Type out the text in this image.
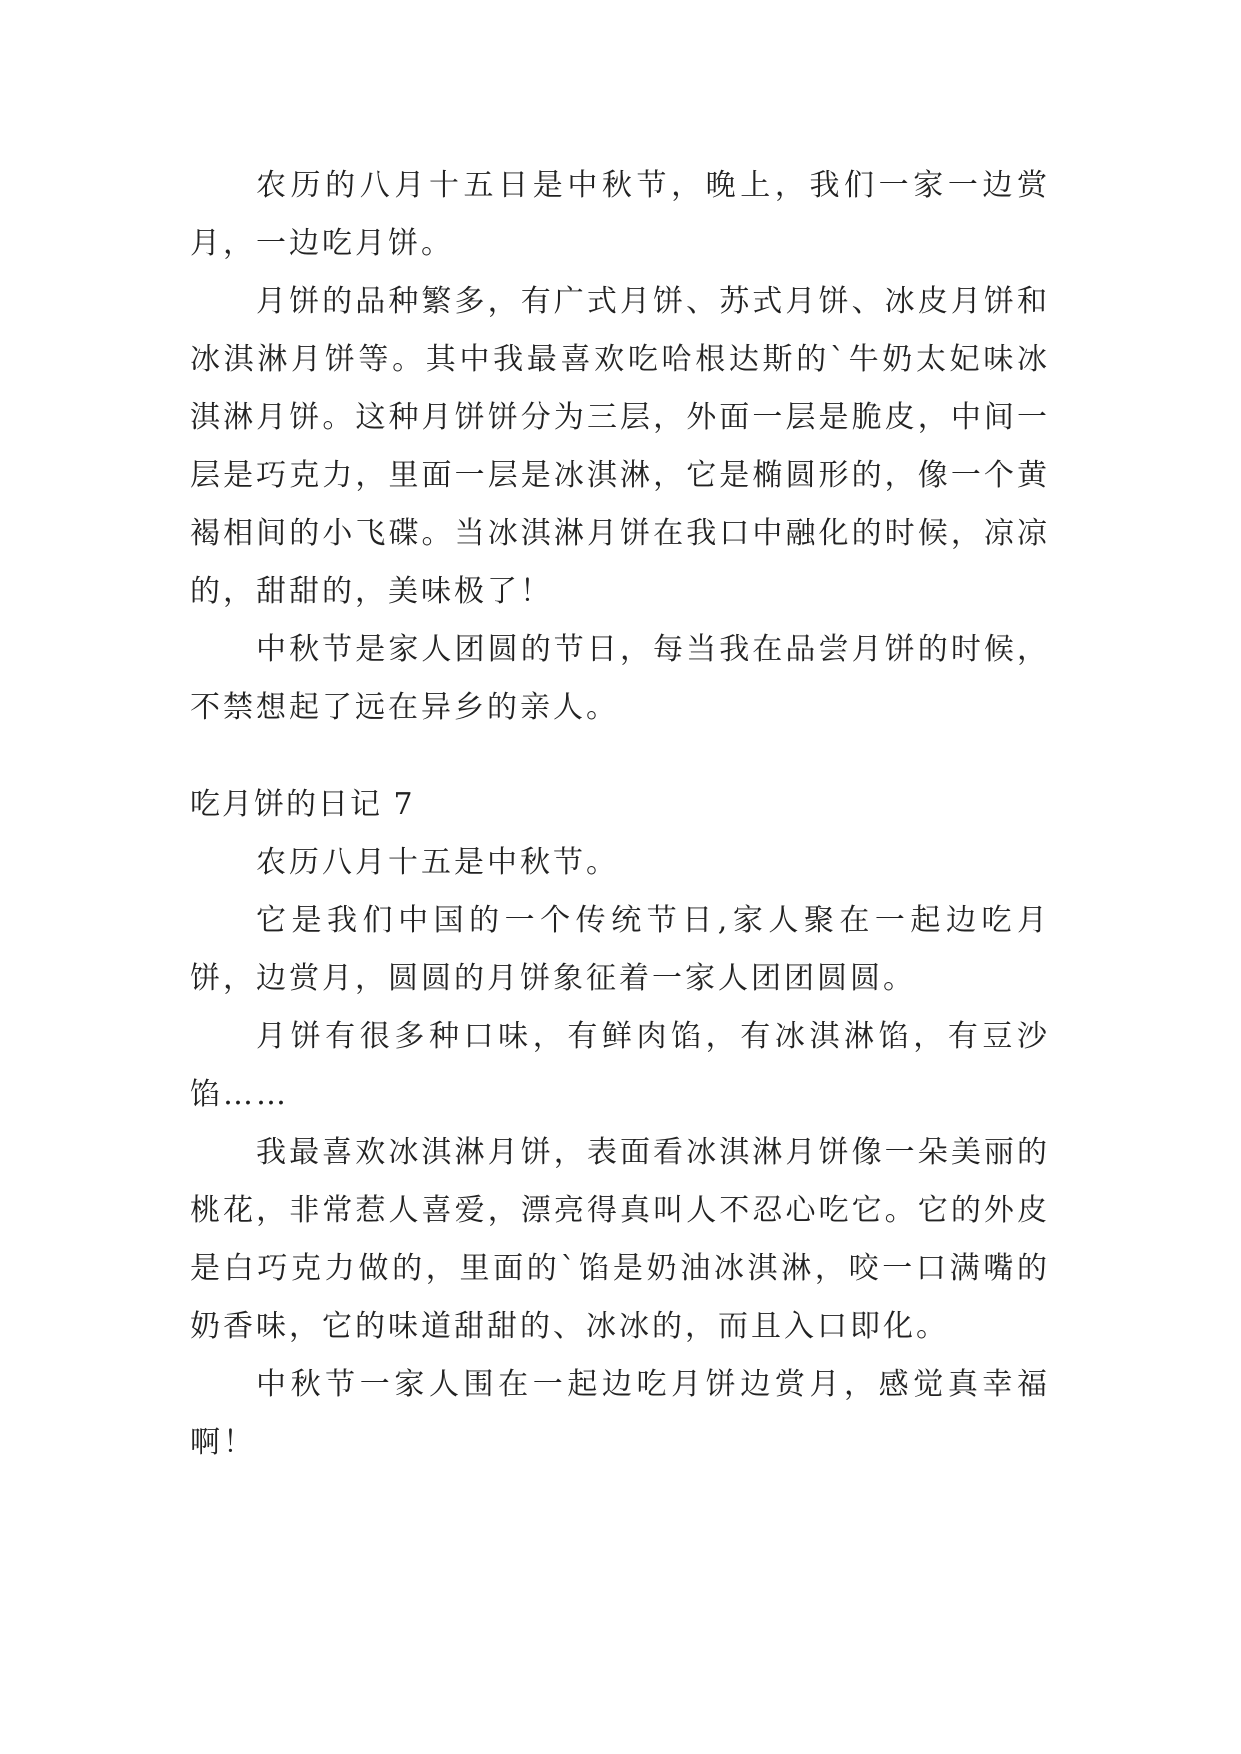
农历的八月十五日是中秋节，晚上，我们一家一边赏月，一边吃月饼。

月饼的品种繁多，有广式月饼、苏式月饼、冰皮月饼和冰淇淋月饼等。其中我最喜欢吃哈根达斯的`牛奶太妃味冰淇淋月饼。这种月饼饼分为三层，外面一层是脆皮，中间一层是巧克力，里面一层是冰淇淋，它是椭圆形的，像一个黄褐相间的小飞碟。当冰淇淋月饼在我口中融化的时候，凉凉的，甜甜的，美味极了！

中秋节是家人团圆的节日，每当我在品尝月饼的时候，不禁想起了远在异乡的亲人。

吃月饼的日记 7

农历八月十五是中秋节。

它是我们中国的一个传统节日,家人聚在一起边吃月饼，边赏月，圆圆的月饼象征着一家人团团圆圆。

月饼有很多种口味，有鲜肉馅，有冰淇淋馅，有豆沙馅……

我最喜欢冰淇淋月饼，表面看冰淇淋月饼像一朵美丽的桃花，非常惹人喜爱，漂亮得真叫人不忍心吃它。它的外皮是白巧克力做的，里面的`馅是奶油冰淇淋，咬一口满嘴的奶香味，它的味道甜甜的、冰冰的，而且入口即化。

中秋节一家人围在一起边吃月饼边赏月，感觉真幸福啊！
